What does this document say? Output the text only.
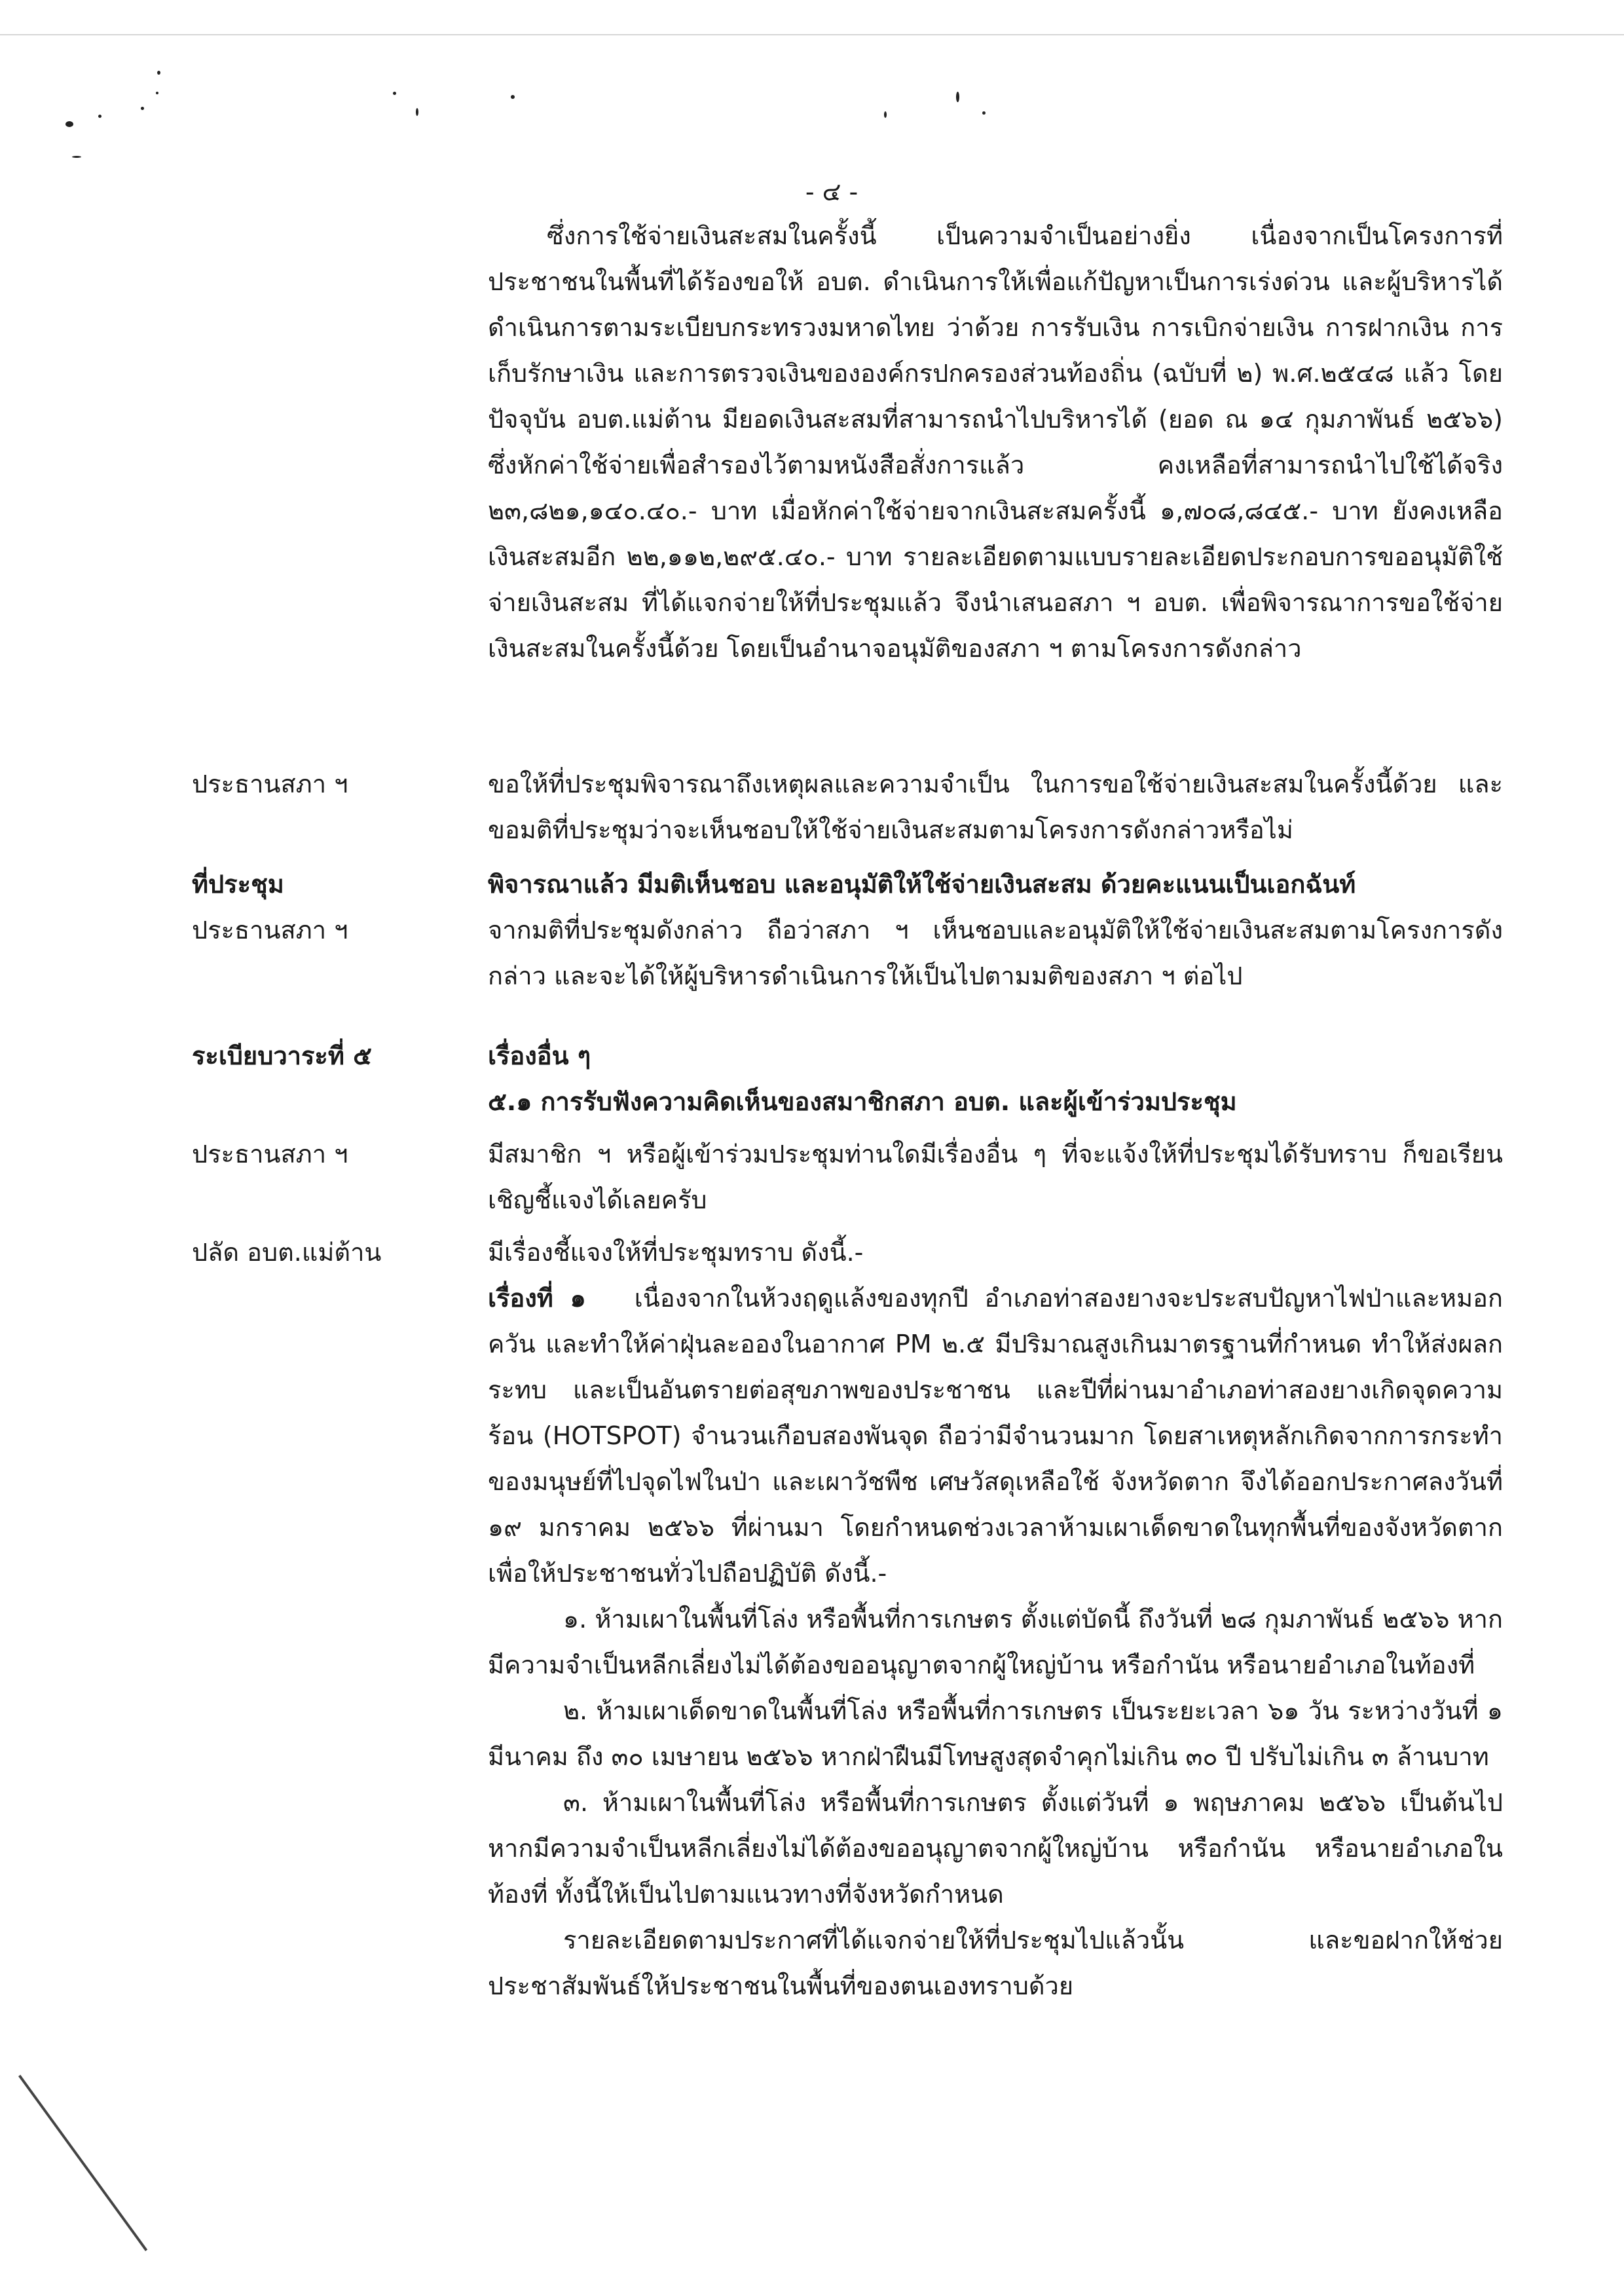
- ๔ -

ซึ่งการใช้จ่ายเงินสะสมในครั้งนี้ เป็นความจำเป็นอย่างยิ่ง เนื่องจากเป็นโครงการที่ประชาชนในพื้นที่ได้ร้องขอให้ อบต. ดำเนินการให้เพื่อแก้ปัญหาเป็นการเร่งด่วน และผู้บริหารได้ดำเนินการตามระเบียบกระทรวงมหาดไทย ว่าด้วย การรับเงิน การเบิกจ่ายเงิน การฝากเงิน การเก็บรักษาเงิน และการตรวจเงินขององค์กรปกครองส่วนท้องถิ่น (ฉบับที่ ๒) พ.ศ.๒๕๔๘ แล้ว โดยปัจจุบัน อบต.แม่ต้าน มียอดเงินสะสมที่สามารถนำไปบริหารได้ (ยอด ณ ๑๔ กุมภาพันธ์ ๒๕๖๖) ซึ่งหักค่าใช้จ่ายเพื่อสำรองไว้ตามหนังสือสั่งการแล้ว คงเหลือที่สามารถนำไปใช้ได้จริง ๒๓,๘๒๑,๑๔๐.๔๐.- บาท เมื่อหักค่าใช้จ่ายจากเงินสะสมครั้งนี้ ๑,๗๐๘,๘๔๕.- บาท ยังคงเหลือเงินสะสมอีก ๒๒,๑๑๒,๒๙๕.๔๐.- บาท รายละเอียดตามแบบรายละเอียดประกอบการขออนุมัติใช้จ่ายเงินสะสม ที่ได้แจกจ่ายให้ที่ประชุมแล้ว จึงนำเสนอสภา ฯ อบต. เพื่อพิจารณาการขอใช้จ่ายเงินสะสมในครั้งนี้ด้วย โดยเป็นอำนาจอนุมัติของสภา ฯ ตามโครงการดังกล่าว

ประธานสภา ฯ	ขอให้ที่ประชุมพิจารณาถึงเหตุผลและความจำเป็น ในการขอใช้จ่ายเงินสะสมในครั้งนี้ด้วย และขอมติที่ประชุมว่าจะเห็นชอบให้ใช้จ่ายเงินสะสมตามโครงการดังกล่าวหรือไม่

ที่ประชุม	พิจารณาแล้ว มีมติเห็นชอบ และอนุมัติให้ใช้จ่ายเงินสะสม ด้วยคะแนนเป็นเอกฉันท์

ประธานสภา ฯ	จากมติที่ประชุมดังกล่าว ถือว่าสภา ฯ เห็นชอบและอนุมัติให้ใช้จ่ายเงินสะสมตามโครงการดังกล่าว และจะได้ให้ผู้บริหารดำเนินการให้เป็นไปตามมติของสภา ฯ ต่อไป

ระเบียบวาระที่ ๕	เรื่องอื่น ๆ

๕.๑ การรับฟังความคิดเห็นของสมาชิกสภา อบต. และผู้เข้าร่วมประชุม

ประธานสภา ฯ	มีสมาชิก ฯ หรือผู้เข้าร่วมประชุมท่านใดมีเรื่องอื่น ๆ ที่จะแจ้งให้ที่ประชุมได้รับทราบ ก็ขอเรียนเชิญชี้แจงได้เลยครับ

ปลัด อบต.แม่ต้าน	มีเรื่องชี้แจงให้ที่ประชุมทราบ ดังนี้.-

เรื่องที่ ๑ เนื่องจากในห้วงฤดูแล้งของทุกปี อำเภอท่าสองยางจะประสบปัญหาไฟป่าและหมอกควัน และทำให้ค่าฝุ่นละอองในอากาศ PM ๒.๕ มีปริมาณสูงเกินมาตรฐานที่กำหนด ทำให้ส่งผลกระทบ และเป็นอันตรายต่อสุขภาพของประชาชน และปีที่ผ่านมาอำเภอท่าสองยางเกิดจุดความร้อน (HOTSPOT) จำนวนเกือบสองพันจุด ถือว่ามีจำนวนมาก โดยสาเหตุหลักเกิดจากการกระทำของมนุษย์ที่ไปจุดไฟในป่า และเผาวัชพืช เศษวัสดุเหลือใช้ จังหวัดตาก จึงได้ออกประกาศลงวันที่ ๑๙ มกราคม ๒๕๖๖ ที่ผ่านมา โดยกำหนดช่วงเวลาห้ามเผาเด็ดขาดในทุกพื้นที่ของจังหวัดตาก เพื่อให้ประชาชนทั่วไปถือปฏิบัติ ดังนี้.-

๑. ห้ามเผาในพื้นที่โล่ง หรือพื้นที่การเกษตร ตั้งแต่บัดนี้ ถึงวันที่ ๒๘ กุมภาพันธ์ ๒๕๖๖ หากมีความจำเป็นหลีกเลี่ยงไม่ได้ต้องขออนุญาตจากผู้ใหญ่บ้าน หรือกำนัน หรือนายอำเภอในท้องที่

๒. ห้ามเผาเด็ดขาดในพื้นที่โล่ง หรือพื้นที่การเกษตร เป็นระยะเวลา ๖๑ วัน ระหว่างวันที่ ๑ มีนาคม ถึง ๓๐ เมษายน ๒๕๖๖ หากฝ่าฝืนมีโทษสูงสุดจำคุกไม่เกิน ๓๐ ปี ปรับไม่เกิน ๓ ล้านบาท

๓. ห้ามเผาในพื้นที่โล่ง หรือพื้นที่การเกษตร ตั้งแต่วันที่ ๑ พฤษภาคม ๒๕๖๖ เป็นต้นไป หากมีความจำเป็นหลีกเลี่ยงไม่ได้ต้องขออนุญาตจากผู้ใหญ่บ้าน หรือกำนัน หรือนายอำเภอในท้องที่ ทั้งนี้ให้เป็นไปตามแนวทางที่จังหวัดกำหนด

รายละเอียดตามประกาศที่ได้แจกจ่ายให้ที่ประชุมไปแล้วนั้น และขอฝากให้ช่วยประชาสัมพันธ์ให้ประชาชนในพื้นที่ของตนเองทราบด้วย
